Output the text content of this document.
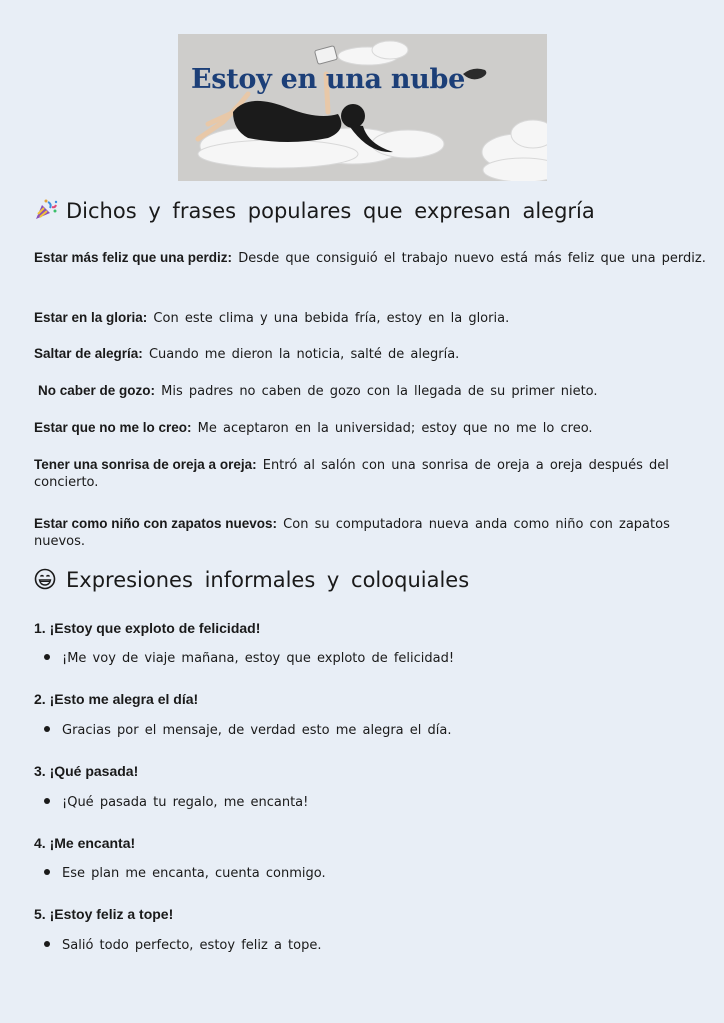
Estoy en una nube
Dichos y frases populares que expresan alegría

Estar más feliz que una perdiz: Desde que consiguió el trabajo nuevo está más feliz que una perdiz.

Estar en la gloria: Con este clima y una bebida fría, estoy en la gloria.

Saltar de alegría: Cuando me dieron la noticia, salté de alegría.

No caber de gozo: Mis padres no caben de gozo con la llegada de su primer nieto.

Estar que no me lo creo: Me aceptaron en la universidad; estoy que no me lo creo.

Tener una sonrisa de oreja a oreja: Entró al salón con una sonrisa de oreja a oreja después del concierto.

Estar como niño con zapatos nuevos: Con su computadora nueva anda como niño con zapatos nuevos.

Expresiones informales y coloquiales

1. ¡Estoy que exploto de felicidad!

¡Me voy de viaje mañana, estoy que exploto de felicidad!

2. ¡Esto me alegra el día!

Gracias por el mensaje, de verdad esto me alegra el día.

3. ¡Qué pasada!

¡Qué pasada tu regalo, me encanta!

4. ¡Me encanta!

Ese plan me encanta, cuenta conmigo.

5. ¡Estoy feliz a tope!

Salió todo perfecto, estoy feliz a tope.
